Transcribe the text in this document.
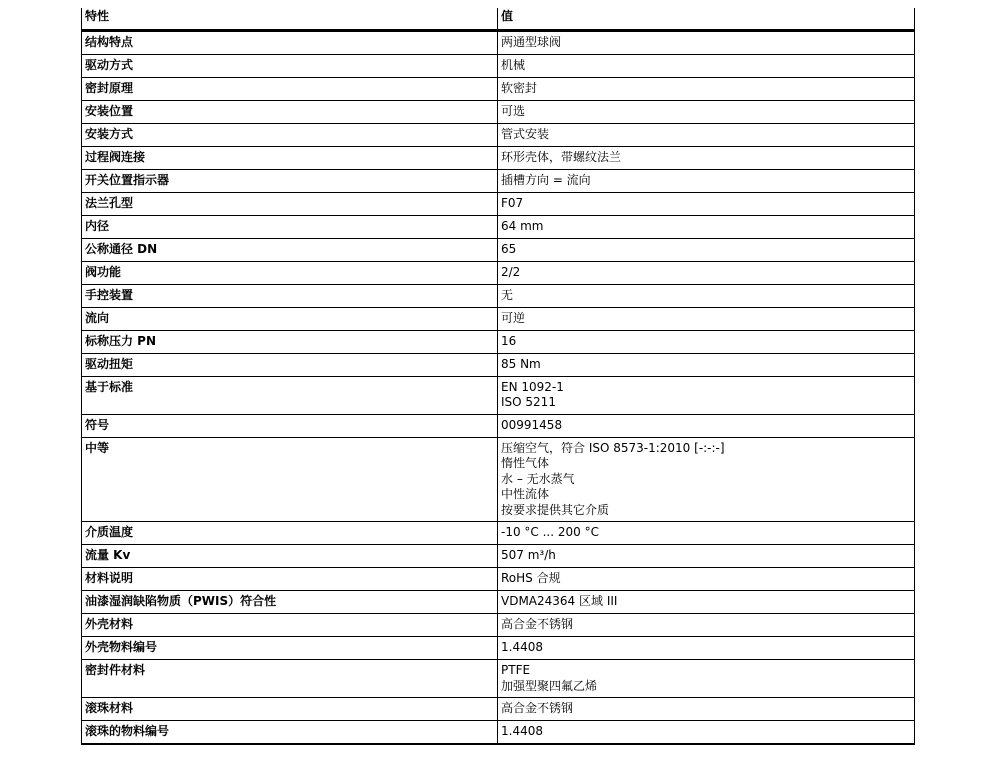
特性	值
结构特点	两通型球阀

驱动方式	机械

密封原理	软密封

安装位置	可选

安装方式	管式安装

过程阀连接	环形壳体，带螺纹法兰

开关位置指示器	插槽方向 = 流向

法兰孔型	F07

内径	64 mm

公称通径 DN	65

阀功能	2/2

手控装置	无

流向	可逆

标称压力 PN	16

驱动扭矩	85 Nm

基于标准	EN 1092-1
ISO 5211

符号	00991458

中等	压缩空气，符合 ISO 8573-1:2010 [-:-:-]
惰性气体
水 – 无水蒸气
中性流体
按要求提供其它介质

介质温度	-10 °C ... 200 °C

流量 Kv	507 m³/h

材料说明	RoHS 合规

油漆湿润缺陷物质（PWIS）符合性	VDMA24364 区域 III

外壳材料	高合金不锈钢

外壳物料编号	1.4408

密封件材料	PTFE
加强型聚四氟乙烯

滚珠材料	高合金不锈钢

滚珠的物料编号	1.4408
